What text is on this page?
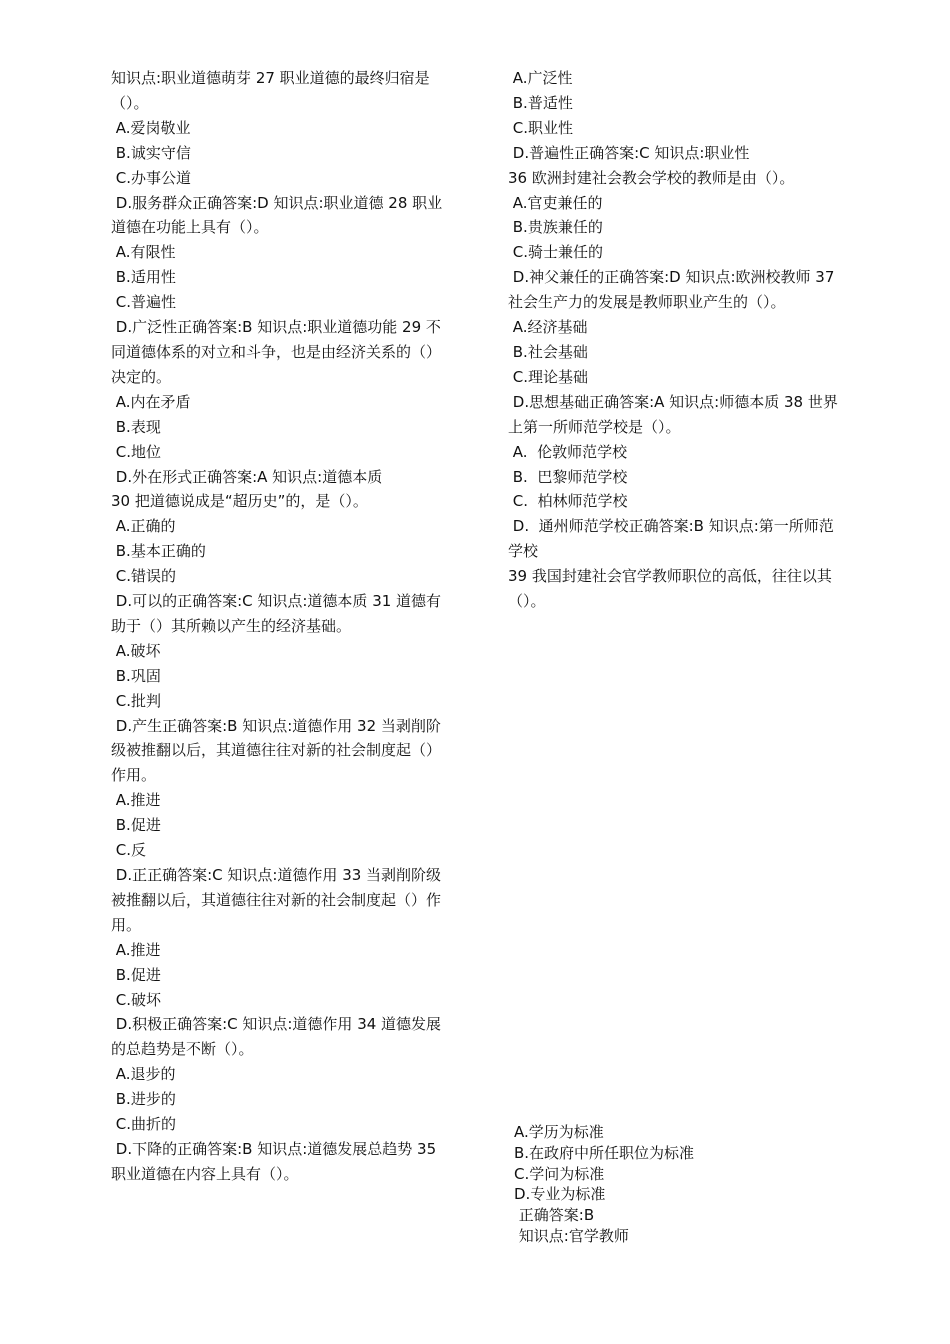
知识点:职业道德萌芽 27 职业道德的最终归宿是
（）。
A.爱岗敬业
B.诚实守信
C.办事公道
D.服务群众正确答案:D 知识点:职业道德 28 职业
道德在功能上具有（）。
A.有限性
B.适用性
C.普遍性
D.广泛性正确答案:B 知识点:职业道德功能 29 不
同道德体系的对立和斗争，也是由经济关系的（）
决定的。
A.内在矛盾
B.表现
C.地位
D.外在形式正确答案:A 知识点:道德本质
30 把道德说成是“超历史”的，是（）。
A.正确的
B.基本正确的
C.错误的
D.可以的正确答案:C 知识点:道德本质 31 道德有
助于（）其所赖以产生的经济基础。
A.破坏
B.巩固
C.批判
D.产生正确答案:B 知识点:道德作用 32 当剥削阶
级被推翻以后，其道德往往对新的社会制度起（）
作用。
A.推进
B.促进
C.反
D.正正确答案:C 知识点:道德作用 33 当剥削阶级
被推翻以后，其道德往往对新的社会制度起（）作
用。
A.推进
B.促进
C.破坏
D.积极正确答案:C 知识点:道德作用 34 道德发展
的总趋势是不断（）。
A.退步的
B.进步的
C.曲折的
D.下降的正确答案:B 知识点:道德发展总趋势 35
职业道德在内容上具有（）。
A.广泛性
B.普适性
C.职业性
D.普遍性正确答案:C 知识点:职业性
36 欧洲封建社会教会学校的教师是由（）。
A.官吏兼任的
B.贵族兼任的
C.骑士兼任的
D.神父兼任的正确答案:D 知识点:欧洲校教师 37
社会生产力的发展是教师职业产生的（）。
A.经济基础
B.社会基础
C.理论基础
D.思想基础正确答案:A 知识点:师德本质 38 世界
上第一所师范学校是（）。
A.  伦敦师范学校
B.  巴黎师范学校
C.  柏林师范学校
D.  通州师范学校正确答案:B 知识点:第一所师范
学校
39 我国封建社会官学教师职位的高低，往往以其
（）。
A.学历为标准
B.在政府中所任职位为标准
C.学问为标准
D.专业为标准
正确答案:B
知识点:官学教师
